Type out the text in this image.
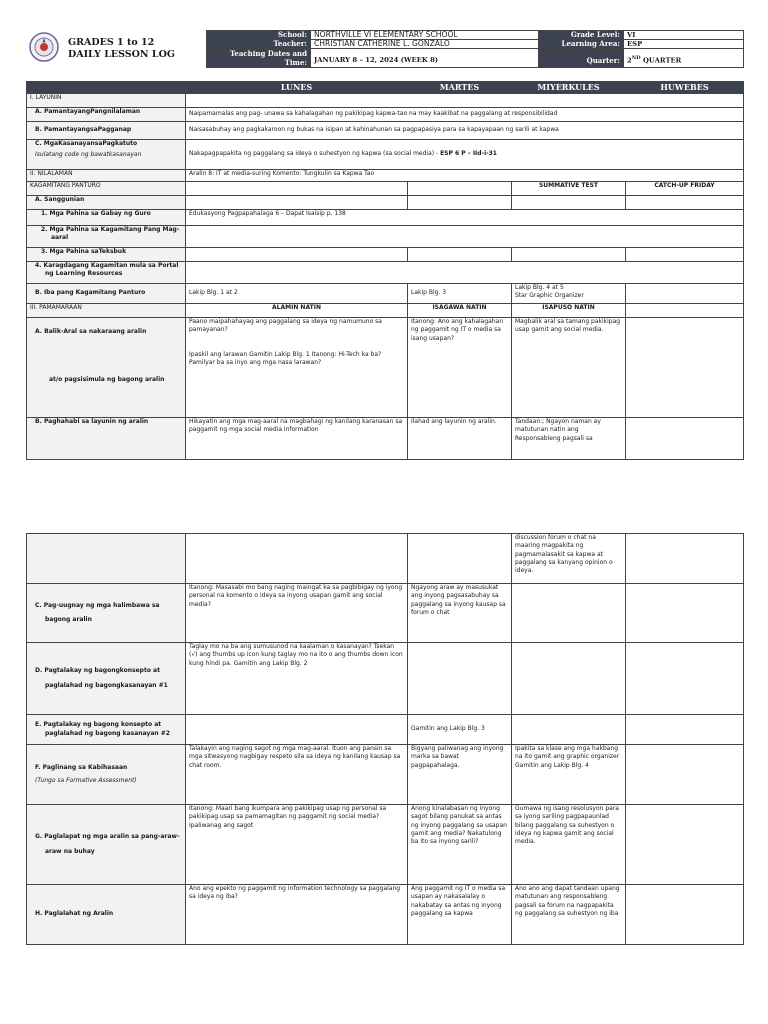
GRADES 1 to 12
DAILY LESSON LOG
School:	NORTHVILLE VI ELEMENTARY SCHOOL	Grade Level:	VI
Teacher:	CHRISTIAN CATHERINE L. GONZALO	Learning Area:	ESP

Teaching Dates and
Time:	JANUARY 8 – 12, 2024 (WEEK 8)	Quarter:	2ND QUARTER
	LUNES	MARTES	MIYERKULES	HUWEBES
I. LAYUNIN				
A. PamantayangPangnilalaman	Naipamamalas ang pag- unawa sa kahalagahan ng pakikipag kapwa-tao na may kaakibat na paggalang at responsibilidad			
B. PamantayangsaPagganap	Naisasabuhay ang pagkakaroon ng bukas na isipan at kahinahunan sa pagpapasiya para sa kapayapaan ng sarili at kapwa			

C. MgaKasanayansaPagkatuto
Isulatang code ng bawatkasanayan	Nakapagpapakita ng paggalang sa ideya o suhestyon ng kapwa (sa social media) - ESP 6 P – IId-i-31			
II. NILALAMAN	Aralin 8: IT at media-suring Komento: Tungkulin sa Kapwa Tao			
KAGAMITANG PANTURO			SUMMATIVE TEST	CATCH-UP FRIDAY
A. Sanggunian				
1. Mga Pahina sa Gabay ng Guro	Edukasyong Pagpapahalaga 6 – Dapat Isaisip p. 138			

2. Mga Pahina sa Kagamitang Pang Mag-
aaral				

3. Mga Pahina saTeksbuk				

4. Karagdagang Kagamitan mula sa Portal
ng Learning Resources				

B. Iba pang Kagamitang Panturo	Lakip Blg. 1 at 2	Lakip Blg. 3	Lakip Blg. 4 at 5
Star Graphic Organizer	

III. PAMAMARAAN	ALAMIN NATIN	ISAGAWA NATIN	ISAPUSO NATIN	

A. Balik-Aral sa nakaraang aralin
at/o pagsisimula ng bagong aralin	Paano maipahahayag ang paggalang sa ideya ng namumuno sa pamayanan?
Ipaskil ang larawan Gamitin Lakip Blg. 1 Itanong: Hi-Tech ka ba? Pamilyar ba sa inyo ang mga nasa larawan?	Itanong: Ano ang kahalagahan ng paggamit ng IT o media sa isang usapan?	Magbalik aral sa tamang pakikipag usap gamit ang social media.	
B. Paghahabi sa layunin ng aralin	Hikayatin ang mga mag-aaral na magbahagi ng kanilang karanasan sa paggamit ng mga social media information	Ilahad ang layunin ng aralin.	Tandaan:; Ngayon naman ay matutunan natin ang Responsableng pagsali sa	
			discussion forum o chat na maaring magpakita ng pagmamalasakit sa kapwa at paggalang sa kanyang opinion o ideya.	

C. Pag-uugnay ng mga halimbawa sa
bagong aralin	Itanong: Masasabi mo bang naging maingat ka sa pagbibigay ng iyong personal na komento o ideya sa inyong usapan gamit ang social media?	Ngayong araw ay masusukat ang inyong pagsasabuhay sa paggalang sa inyong kausap sa forum o chat		

D. Pagtalakay ng bagongkonsepto at
paglalahad ng bagongkasanayan #1	Taglay mo na ba ang sumusunod na kaalaman o kasanayan? Tsekan (√) ang thumbs up icon kung taglay mo na ito o ang thumbs down icon kung hindi pa. Gamitin ang Lakip Blg. 2			

E. Pagtalakay ng bagong konsepto at
paglalahad ng bagong kasanayan #2		Gamitin ang Lakip Blg. 3		

F. Paglinang sa Kabihasaan
(Tungo sa Formative Assessment)	Talakayin ang naging sagot ng mga mag-aaral. Ituon ang pansin sa mga sitwasyong nagbigay respeto sila sa ideya ng kanilang kausap sa chat room.	Bigyang paliwanag ang inyong marka sa bawat pagpapahalaga.	Ipakita sa klase ang mga hakbang na ito gamit ang graphic organizer Gamitin ang Lakip Blg. 4	

G. Paglalapat ng mga aralin sa pang-araw-
araw na buhay	Itanong: Maari bang ikumpara ang pakikipag usap ng personal sa pakikipag usap sa pamamagitan ng paggamit ng social media?Ipaliwanag ang sagot	Anong kinalabasan ng inyong sagot bilang panukat sa antas ng inyong paggalang sa usapan gamit ang media? Nakatulong ba ito sa inyong sarili?	Gumawa ng isang resolusyon para sa iyong sariling pagpapaunlad bilang paggalang sa suhestyon o ideya ng kapwa gamit ang social media.	
H. Paglalahat ng Aralin	Ano ang epekto ng paggamit ng information technology sa paggalang sa ideya ng iba?	Ang paggamit ng IT o media sa usapan ay nakasalalay o nakabatay sa antas ng inyong paggalang sa kapwa	Ano ano ang dapat tandaan upang matutunan ang responsableng pagsali sa forum na nagpapakita ng paggalang sa suhestyon ng iba	
